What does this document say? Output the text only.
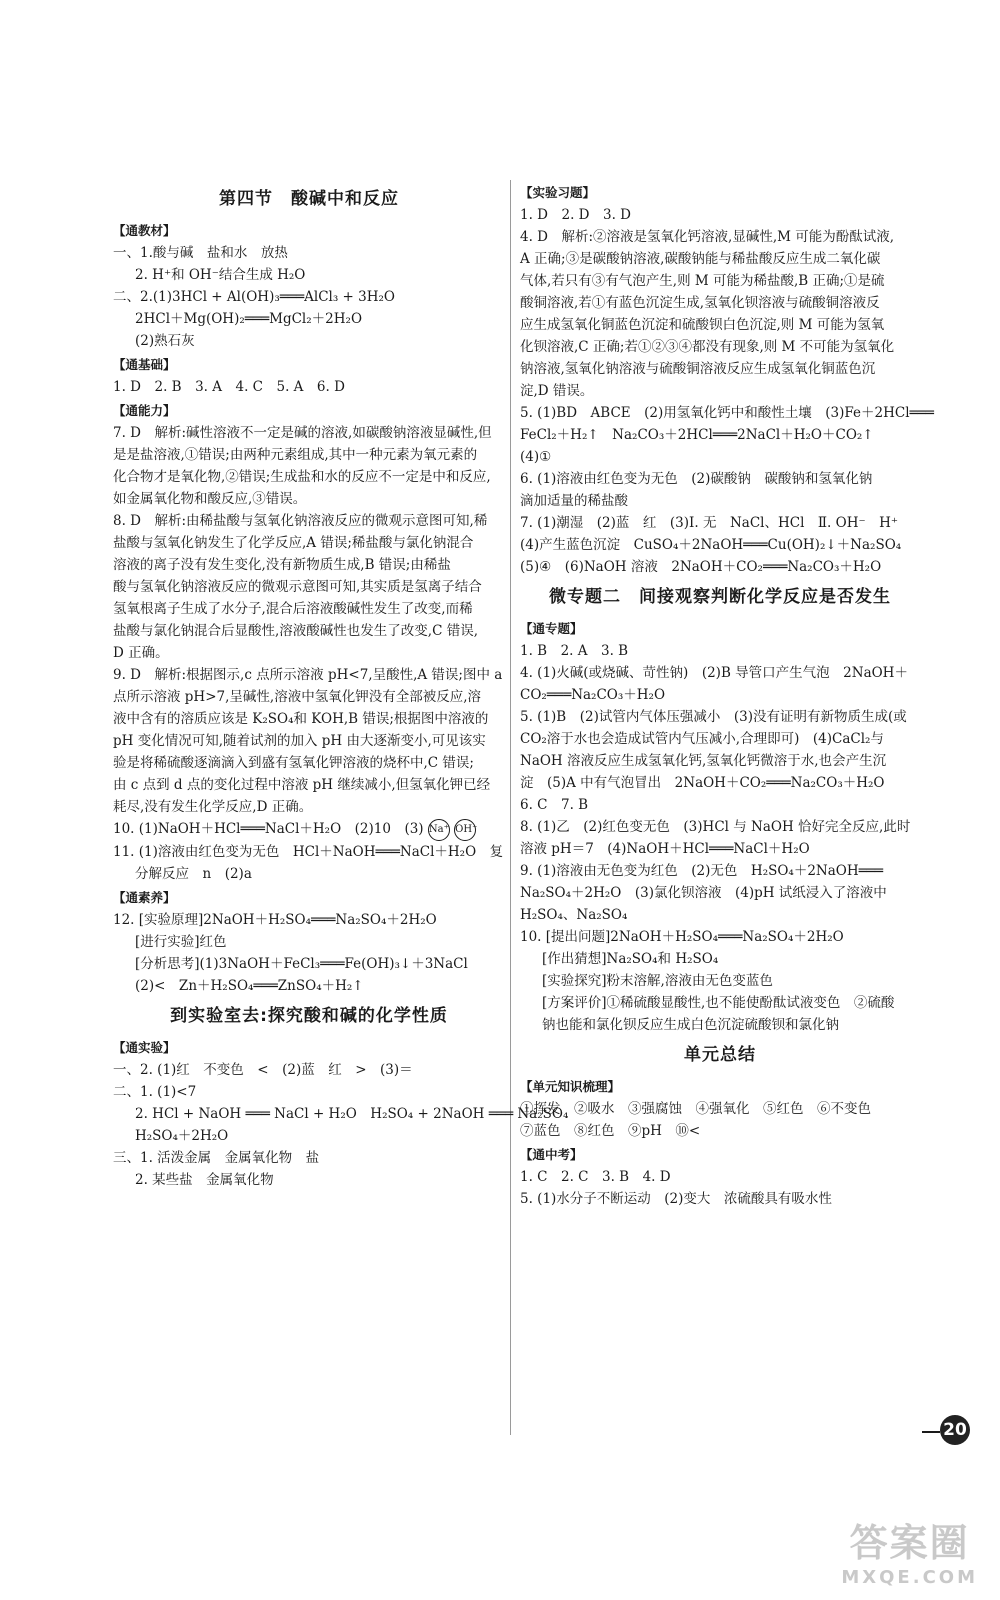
第四节　酸碱中和反应
【通教材】
一、1.酸与碱　盐和水　放热
2. H⁺和 OH⁻结合生成 H₂O
二、2.(1)3HCl + Al(OH)₃═══AlCl₃ + 3H₂O
2HCl＋Mg(OH)₂═══MgCl₂＋2H₂O
(2)熟石灰
【通基础】
1. D　2. B　3. A　4. C　5. A　6. D
【通能力】
7. D　解析:碱性溶液不一定是碱的溶液,如碳酸钠溶液显碱性,但
是是盐溶液,①错误;由两种元素组成,其中一种元素为氧元素的
化合物才是氧化物,②错误;生成盐和水的反应不一定是中和反应,
如金属氧化物和酸反应,③错误。
8. D　解析:由稀盐酸与氢氧化钠溶液反应的微观示意图可知,稀
盐酸与氢氧化钠发生了化学反应,A 错误;稀盐酸与氯化钠混合
溶液的离子没有发生变化,没有新物质生成,B 错误;由稀盐
酸与氢氧化钠溶液反应的微观示意图可知,其实质是氢离子结合
氢氧根离子生成了水分子,混合后溶液酸碱性发生了改变,而稀
盐酸与氯化钠混合后显酸性,溶液酸碱性也发生了改变,C 错误,
D 正确。
9. D　解析:根据图示,c 点所示溶液 pH<7,呈酸性,A 错误;图中 a
点所示溶液 pH>7,呈碱性,溶液中氢氧化钾没有全部被反应,溶
液中含有的溶质应该是 K₂SO₄和 KOH,B 错误;根据图中溶液的
pH 变化情况可知,随着试剂的加入 pH 由大逐渐变小,可见该实
验是将稀硫酸逐滴滴入到盛有氢氧化钾溶液的烧杯中,C 错误;
由 c 点到 d 点的变化过程中溶液 pH 继续减小,但氢氧化钾已经
耗尽,没有发生化学反应,D 正确。
10. (1)NaOH＋HCl═══NaCl＋H₂O　(2)10　(3) Na⁺ OH⁻
11. (1)溶液由红色变为无色　HCl＋NaOH═══NaCl＋H₂O　复
分解反应　n　(2)a
【通素养】
12. [实验原理]2NaOH＋H₂SO₄═══Na₂SO₄＋2H₂O
[进行实验]红色
[分析思考](1)3NaOH＋FeCl₃═══Fe(OH)₃↓＋3NaCl
(2)<　Zn＋H₂SO₄═══ZnSO₄＋H₂↑
到实验室去:探究酸和碱的化学性质
【通实验】
一、2. (1)红　不变色　<　(2)蓝　红　>　(3)＝
二、1. (1)<7
2. HCl + NaOH ═══ NaCl + H₂O　H₂SO₄ + 2NaOH ═══ Na₂SO₄
H₂SO₄＋2H₂O
三、1. 活泼金属　金属氧化物　盐
2. 某些盐　金属氧化物
【实验习题】
1. D　2. D　3. D
4. D　解析:②溶液是氢氧化钙溶液,显碱性,M 可能为酚酞试液,
A 正确;③是碳酸钠溶液,碳酸钠能与稀盐酸反应生成二氧化碳
气体,若只有③有气泡产生,则 M 可能为稀盐酸,B 正确;①是硫
酸铜溶液,若①有蓝色沉淀生成,氢氧化钡溶液与硫酸铜溶液反
应生成氢氧化铜蓝色沉淀和硫酸钡白色沉淀,则 M 可能为氢氧
化钡溶液,C 正确;若①②③④都没有现象,则 M 不可能为氢氧化
钠溶液,氢氧化钠溶液与硫酸铜溶液反应生成氢氧化铜蓝色沉
淀,D 错误。
5. (1)BD　ABCE　(2)用氢氧化钙中和酸性土壤　(3)Fe＋2HCl═══
FeCl₂＋H₂↑　Na₂CO₃＋2HCl═══2NaCl＋H₂O＋CO₂↑
(4)①
6. (1)溶液由红色变为无色　(2)碳酸钠　碳酸钠和氢氧化钠
滴加适量的稀盐酸
7. (1)潮湿　(2)蓝　红　(3)Ⅰ. 无　NaCl、HCl　Ⅱ. OH⁻　H⁺
(4)产生蓝色沉淀　CuSO₄＋2NaOH═══Cu(OH)₂↓＋Na₂SO₄
(5)④　(6)NaOH 溶液　2NaOH＋CO₂═══Na₂CO₃＋H₂O
微专题二　间接观察判断化学反应是否发生
【通专题】
1. B　2. A　3. B
4. (1)火碱(或烧碱、苛性钠)　(2)B 导管口产生气泡　2NaOH＋
CO₂═══Na₂CO₃＋H₂O
5. (1)B　(2)试管内气体压强减小　(3)没有证明有新物质生成(或
CO₂溶于水也会造成试管内气压减小,合理即可)　(4)CaCl₂与
NaOH 溶液反应生成氢氧化钙,氢氧化钙微溶于水,也会产生沉
淀　(5)A 中有气泡冒出　2NaOH＋CO₂═══Na₂CO₃＋H₂O
6. C　7. B
8. (1)乙　(2)红色变无色　(3)HCl 与 NaOH 恰好完全反应,此时
溶液 pH＝7　(4)NaOH＋HCl═══NaCl＋H₂O
9. (1)溶液由无色变为红色　(2)无色　H₂SO₄＋2NaOH═══
Na₂SO₄＋2H₂O　(3)氯化钡溶液　(4)pH 试纸浸入了溶液中
H₂SO₄、Na₂SO₄
10. [提出问题]2NaOH＋H₂SO₄═══Na₂SO₄＋2H₂O
[作出猜想]Na₂SO₄和 H₂SO₄
[实验探究]粉末溶解,溶液由无色变蓝色
[方案评价]①稀硫酸显酸性,也不能使酚酞试液变色　②硫酸
钠也能和氯化钡反应生成白色沉淀硫酸钡和氯化钠
单元总结
【单元知识梳理】
①挥发　②吸水　③强腐蚀　④强氧化　⑤红色　⑥不变色
⑦蓝色　⑧红色　⑨pH　⑩<
【通中考】
1. C　2. C　3. B　4. D
5. (1)水分子不断运动　(2)变大　浓硫酸具有吸水性
20
答案圈
MXQE.COM
